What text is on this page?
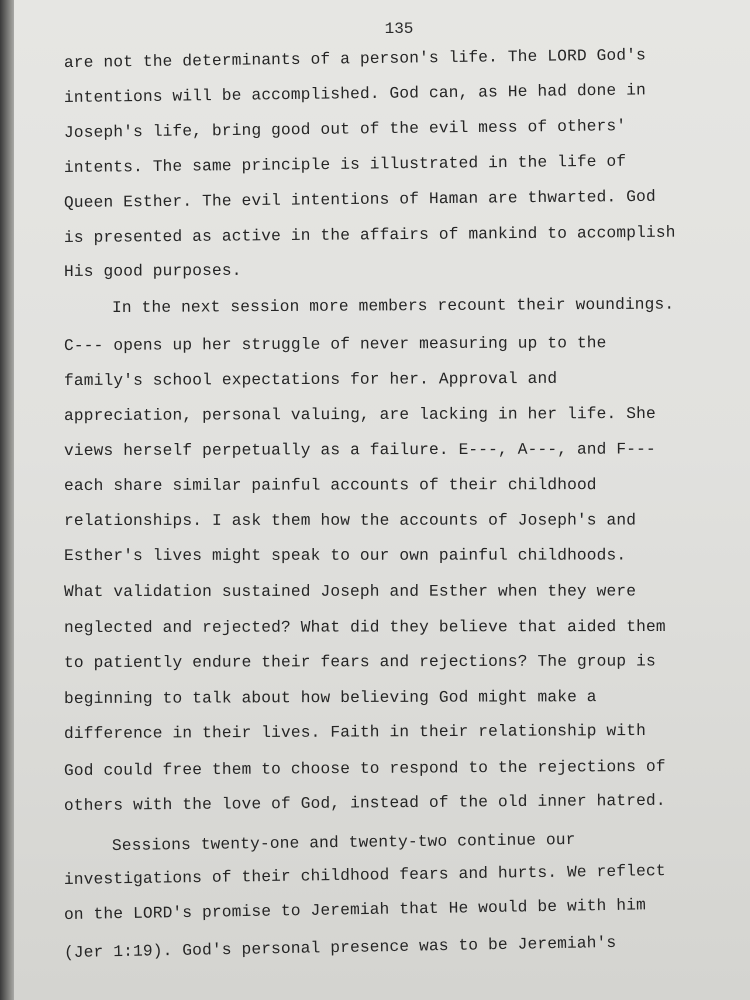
135
are not the determinants of a person's life. The LORD God's
intentions will be accomplished. God can, as He had done in
Joseph's life, bring good out of the evil mess of others'
intents. The same principle is illustrated in the life of
Queen Esther. The evil intentions of Haman are thwarted. God
is presented as active in the affairs of mankind to accomplish
His good purposes.
In the next session more members recount their woundings.
C--- opens up her struggle of never measuring up to the
family's school expectations for her. Approval and
appreciation, personal valuing, are lacking in her life. She
views herself perpetually as a failure. E---, A---, and F---
each share similar painful accounts of their childhood
relationships. I ask them how the accounts of Joseph's and
Esther's lives might speak to our own painful childhoods.
What validation sustained Joseph and Esther when they were
neglected and rejected? What did they believe that aided them
to patiently endure their fears and rejections? The group is
beginning to talk about how believing God might make a
difference in their lives. Faith in their relationship with
God could free them to choose to respond to the rejections of
others with the love of God, instead of the old inner hatred.
Sessions twenty-one and twenty-two continue our
investigations of their childhood fears and hurts. We reflect
on the LORD's promise to Jeremiah that He would be with him
(Jer 1:19). God's personal presence was to be Jeremiah's
